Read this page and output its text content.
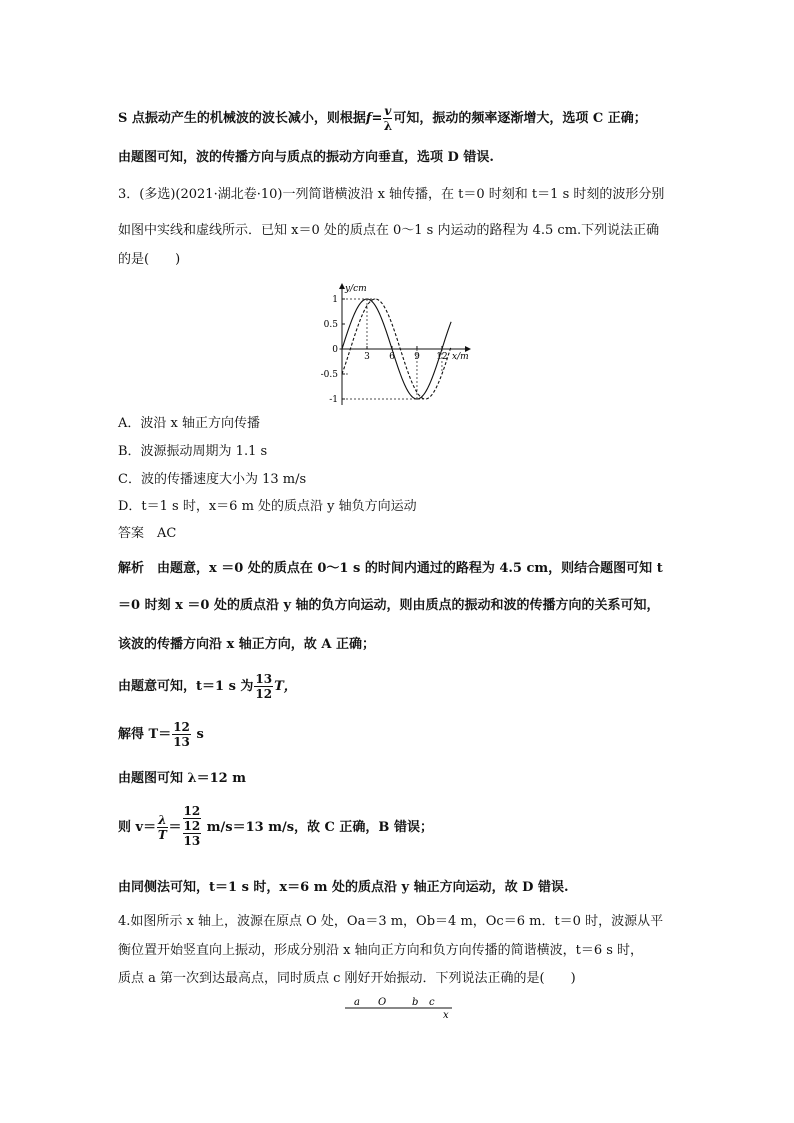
S 点振动产生的机械波的波长减小，则根据$f= \frac{v}{\lambda}$ 可知，振动的频率逐渐增大，选项 C 正确；
由题图可知，波的传播方向与质点的振动方向垂直，选项 D 错误.
3．(多选)(2021·湖北卷·10)一列简谐横波沿 x 轴传播，在 t＝0 时刻和 t＝1 s 时刻的波形分别
如图中实线和虚线所示．已知 x＝0 处的质点在 0～1 s 内运动的路程为 4.5 cm.下列说法正确
的是(　　)
y/cm
x/m
1
0.5
0
-0.5
-1
3 6 9 12
A．波沿 x 轴正方向传播
B．波源振动周期为 1.1 s
C．波的传播速度大小为 13 m/s
D．t＝1 s 时，x＝6 m 处的质点沿 y 轴负方向运动
答案　AC
解析　由题意，x ＝0 处的质点在 0～1 s 的时间内通过的路程为 4.5 cm，则结合题图可知 t
＝0 时刻 x ＝0 处的质点沿 y 轴的负方向运动，则由质点的振动和波的传播方向的关系可知，
该波的传播方向沿 x 轴正方向，故 A 正确；
由题意可知，t＝1 s 为 $\frac{13}{12}$ T，
解得 $T= \frac{12}{13}$ s
由题图可知 λ＝12 m
则 $v= \frac{\lambda}{T} = 12$
12
13 m/s＝13 m/s，故 C 正确，B 错误；
由同侧法可知，t＝1 s 时，x＝6 m 处的质点沿 y 轴正方向运动，故 D 错误.
4.如图所示 x 轴上，波源在原点 O 处，Oa＝3 m，Ob＝4 m，Oc＝6 m．t＝0 时，波源从平
衡位置开始竖直向上振动，形成分别沿 x 轴向正方向和负方向传播的简谐横波，t＝6 s 时，
质点 a 第一次到达最高点，同时质点 c 刚好开始振动．下列说法正确的是(　　)
a O	b c
x
